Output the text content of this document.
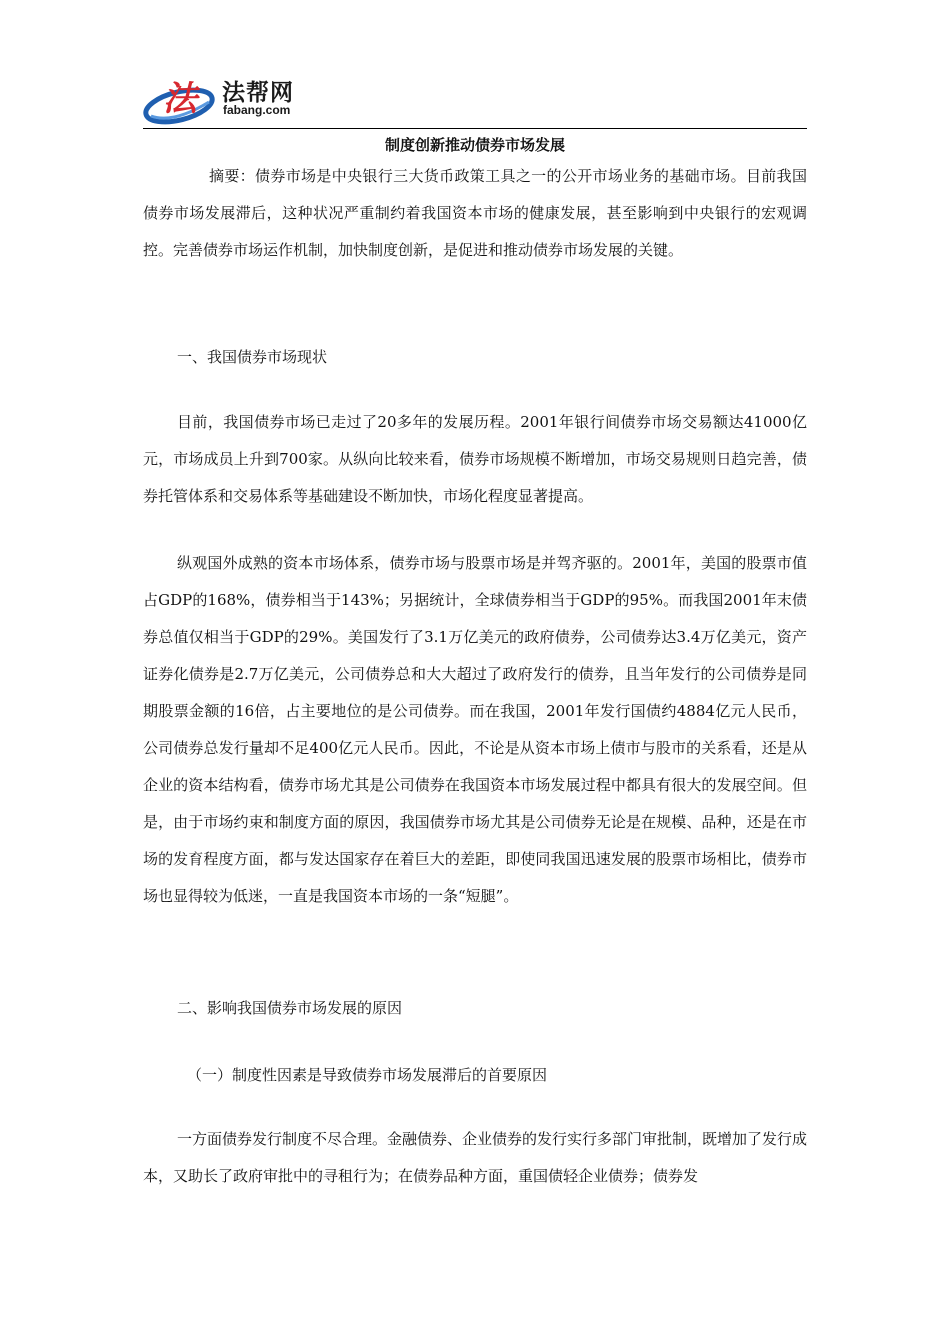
法 法帮网
fabang.com
制度创新推动债券市场发展
摘要：债券市场是中央银行三大货币政策工具之一的公开市场业务的基础市场。目前我国债券市场发展滞后，这种状况严重制约着我国资本市场的健康发展，甚至影响到中央银行的宏观调控。完善债券市场运作机制，加快制度创新，是促进和推动债券市场发展的关键。
一、我国债券市场现状
目前，我国债券市场已走过了20多年的发展历程。2001年银行间债券市场交易额达41000亿元，市场成员上升到700家。从纵向比较来看，债券市场规模不断增加，市场交易规则日趋完善，债券托管体系和交易体系等基础建设不断加快，市场化程度显著提高。
纵观国外成熟的资本市场体系，债券市场与股票市场是并驾齐驱的。2001年，美国的股票市值占GDP的168%，债券相当于143%；另据统计，全球债券相当于GDP的95%。而我国2001年末债券总值仅相当于GDP的29%。美国发行了3.1万亿美元的政府债券，公司债券达3.4万亿美元，资产证券化债券是2.7万亿美元，公司债券总和大大超过了政府发行的债券，且当年发行的公司债券是同期股票金额的16倍，占主要地位的是公司债券。而在我国，2001年发行国债约4884亿元人民币，公司债券总发行量却不足400亿元人民币。因此，不论是从资本市场上债市与股市的关系看，还是从企业的资本结构看，债券市场尤其是公司债券在我国资本市场发展过程中都具有很大的发展空间。但是，由于市场约束和制度方面的原因，我国债券市场尤其是公司债券无论是在规模、品种，还是在市场的发育程度方面，都与发达国家存在着巨大的差距，即使同我国迅速发展的股票市场相比，债券市场也显得较为低迷，一直是我国资本市场的一条“短腿”。
二、影响我国债券市场发展的原因
（一）制度性因素是导致债券市场发展滞后的首要原因
一方面债券发行制度不尽合理。金融债券、企业债券的发行实行多部门审批制，既增加了发行成本，又助长了政府审批中的寻租行为；在债券品种方面，重国债轻企业债券；债券发
